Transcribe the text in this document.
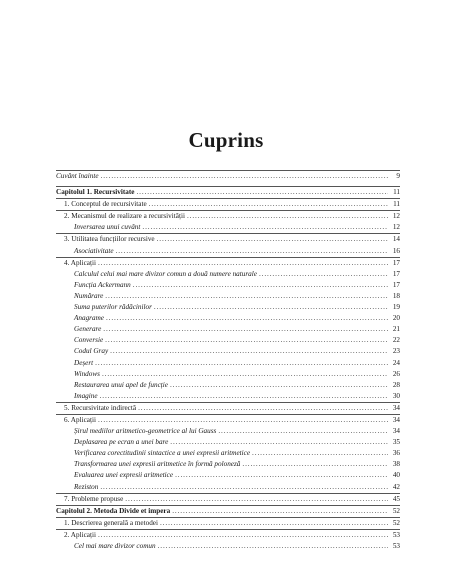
Cuprins
Cuvânt înainte .....	9
Capitolul 1. Recursivitate .....	11
1. Conceptul de recursivitate .....	11
2. Mecanismul de realizare a recursivității .....	12
Inversarea unui cuvânt .....	12
3. Utilitatea funcțiilor recursive .....	14
Asociativitate .....	16
4. Aplicații .....	17
Calculul celui mai mare divizor comun a două numere naturale .....	17
Funcția Ackermann .....	17
Numărare .....	18
Suma puterilor rădăcinilor .....	19
Anagrame .....	20
Generare .....	21
Conversie .....	22
Codul Gray .....	23
Deșert .....	24
Windows .....	26
Restaurarea unui apel de funcție .....	28
Imagine .....	30
5. Recursivitate indirectă .....	34
6. Aplicații .....	34
Șirul mediilor aritmetico-geometrice al lui Gauss .....	34
Deplasarea pe ecran a unei bare .....	35
Verificarea corectitudinii sintactice a unei expresii aritmetice .....	36
Transformarea unei expresii aritmetice în formă poloneză .....	38
Evaluarea unei expresii aritmetice .....	40
Reziston .....	42
7. Probleme propuse .....	45
Capitolul 2. Metoda Divide et impera .....	52
1. Descrierea generală a metodei .....	52
2. Aplicații .....	53
Cel mai mare divizor comun .....	53
